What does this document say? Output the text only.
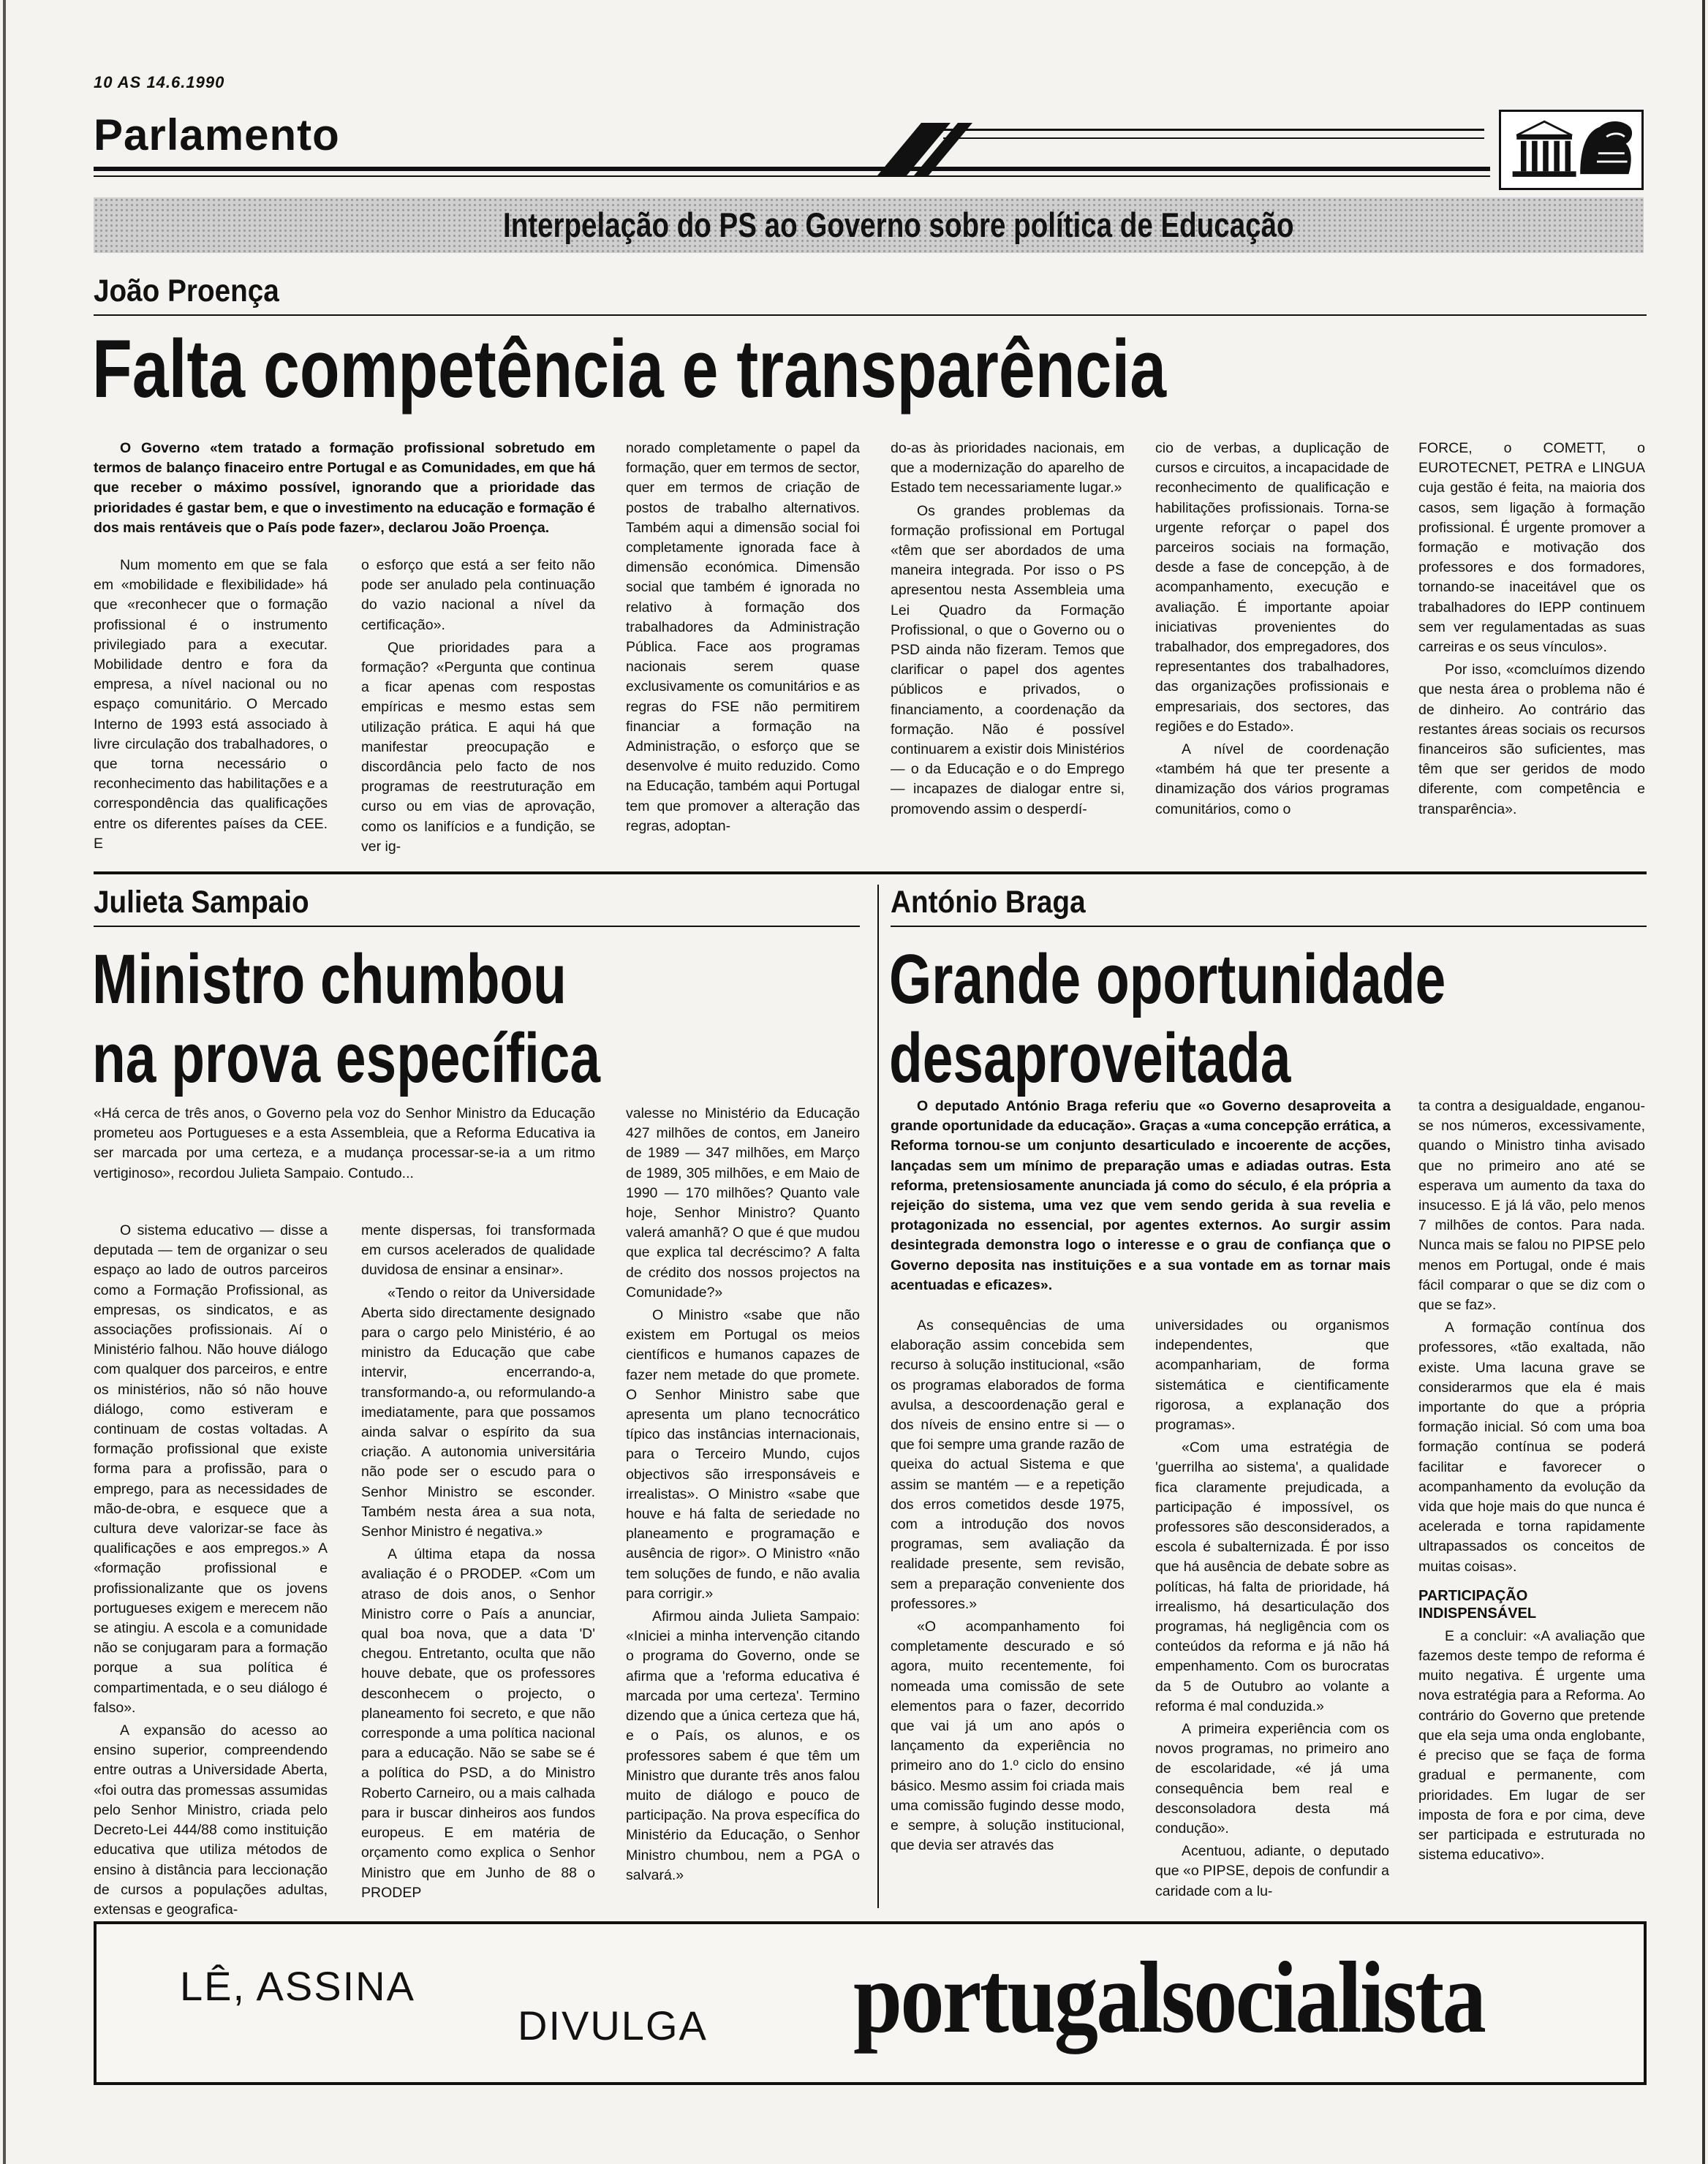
10 AS 14.6.1990
Parlamento
Interpelação do PS ao Governo sobre política de Educação
João Proença
Falta competência e transparência
O Governo «tem tratado a formação profissional sobretudo em termos de balanço finaceiro entre Portugal e as Comunidades, em que há que receber o máximo possível, ignorando que a prioridade das prioridades é gastar bem, e que o investimento na educação e formação é dos mais rentáveis que o País pode fazer», declarou João Proença.

Num momento em que se fala em «mobilidade e flexibilidade» há que «reconhecer que o formação profissional é o instrumento privilegiado para a executar. Mobilidade dentro e fora da empresa, a nível nacional ou no espaço comunitário. O Mercado Interno de 1993 está associado à livre circulação dos trabalhadores, o que torna necessário o reconhecimento das habilitações e a correspondência das qualificações entre os diferentes países da CEE. E

o esforço que está a ser feito não pode ser anulado pela continuação do vazio nacional a nível da certificação».

Que prioridades para a formação? «Pergunta que continua a ficar apenas com respostas empíricas e mesmo estas sem utilização prática. E aqui há que manifestar preocupação e discordância pelo facto de nos programas de reestruturação em curso ou em vias de aprovação, como os lanifícios e a fundição, se ver ig-

norado completamente o papel da formação, quer em termos de sector, quer em termos de criação de postos de trabalho alternativos. Também aqui a dimensão social foi completamente ignorada face à dimensão económica. Dimensão social que também é ignorada no relativo à formação dos trabalhadores da Administração Pública. Face aos programas nacionais serem quase exclusivamente os comunitários e as regras do FSE não permitirem financiar a formação na Administração, o esforço que se desenvolve é muito reduzido. Como na Educação, também aqui Portugal tem que promover a alteração das regras, adoptan-

do-as às prioridades nacionais, em que a modernização do aparelho de Estado tem necessariamente lugar.»

Os grandes problemas da formação profissional em Portugal «têm que ser abordados de uma maneira integrada. Por isso o PS apresentou nesta Assembleia uma Lei Quadro da Formação Profissional, o que o Governo ou o PSD ainda não fizeram. Temos que clarificar o papel dos agentes públicos e privados, o financiamento, a coordenação da formação. Não é possível continuarem a existir dois Ministérios — o da Educação e o do Emprego — incapazes de dialogar entre si, promovendo assim o desperdí-

cio de verbas, a duplicação de cursos e circuitos, a incapacidade de reconhecimento de qualificação e habilitações profissionais. Torna-se urgente reforçar o papel dos parceiros sociais na formação, desde a fase de concepção, à de acompanhamento, execução e avaliação. É importante apoiar iniciativas provenientes do trabalhador, dos empregadores, dos representantes dos trabalhadores, das organizações profissionais e empresariais, dos sectores, das regiões e do Estado».

A nível de coordenação «também há que ter presente a dinamização dos vários programas comunitários, como o

FORCE, o COMETT, o EUROTECNET, PETRA e LINGUA cuja gestão é feita, na maioria dos casos, sem ligação à formação profissional. É urgente promover a formação e motivação dos professores e dos formadores, tornando-se inaceitável que os trabalhadores do IEPP continuem sem ver regulamentadas as suas carreiras e os seus vínculos».

Por isso, «comcluímos dizendo que nesta área o problema não é de dinheiro. Ao contrário das restantes áreas sociais os recursos financeiros são suficientes, mas têm que ser geridos de modo diferente, com competência e transparência».

Julieta Sampaio
Ministro chumbou
na prova específica

«Há cerca de três anos, o Governo pela voz do Senhor Ministro da Educação prometeu aos Portugueses e a esta Assembleia, que a Reforma Educativa ia ser marcada por uma certeza, e a mudança processar-se-ia a um ritmo vertiginoso», recordou Julieta Sampaio. Contudo...

O sistema educativo — disse a deputada — tem de organizar o seu espaço ao lado de outros parceiros como a Formação Profissional, as empresas, os sindicatos, e as associações profissionais. Aí o Ministério falhou. Não houve diálogo com qualquer dos parceiros, e entre os ministérios, não só não houve diálogo, como estiveram e continuam de costas voltadas. A formação profissional que existe forma para a profissão, para o emprego, para as necessidades de mão-de-obra, e esquece que a cultura deve valorizar-se face às qualificações e aos empregos.» A «formação profissional e profissionalizante que os jovens portugueses exigem e merecem não se atingiu. A escola e a comunidade não se conjugaram para a formação porque a sua política é compartimentada, e o seu diálogo é falso».

A expansão do acesso ao ensino superior, compreendendo entre outras a Universidade Aberta, «foi outra das promessas assumidas pelo Senhor Ministro, criada pelo Decreto-Lei 444/88 como instituição educativa que utiliza métodos de ensino à distância para leccionação de cursos a populações adultas, extensas e geografica-

mente dispersas, foi transformada em cursos acelerados de qualidade duvidosa de ensinar a ensinar».

«Tendo o reitor da Universidade Aberta sido directamente designado para o cargo pelo Ministério, é ao ministro da Educação que cabe intervir, encerrando-a, transformando-a, ou reformulando-a imediatamente, para que possamos ainda salvar o espírito da sua criação. A autonomia universitária não pode ser o escudo para o Senhor Ministro se esconder. Também nesta área a sua nota, Senhor Ministro é negativa.»

A última etapa da nossa avaliação é o PRODEP. «Com um atraso de dois anos, o Senhor Ministro corre o País a anunciar, qual boa nova, que a data 'D' chegou. Entretanto, oculta que não houve debate, que os professores desconhecem o projecto, o planeamento foi secreto, e que não corresponde a uma política nacional para a educação. Não se sabe se é a política do PSD, a do Ministro Roberto Carneiro, ou a mais calhada para ir buscar dinheiros aos fundos europeus. E em matéria de orçamento como explica o Senhor Ministro que em Junho de 88 o PRODEP

valesse no Ministério da Educação 427 milhões de contos, em Janeiro de 1989 — 347 milhões, em Março de 1989, 305 milhões, e em Maio de 1990 — 170 milhões? Quanto vale hoje, Senhor Ministro? Quanto valerá amanhã? O que é que mudou que explica tal decréscimo? A falta de crédito dos nossos projectos na Comunidade?»

O Ministro «sabe que não existem em Portugal os meios científicos e humanos capazes de fazer nem metade do que promete. O Senhor Ministro sabe que apresenta um plano tecnocrático típico das instâncias internacionais, para o Terceiro Mundo, cujos objectivos são irresponsáveis e irrealistas». O Ministro «sabe que houve e há falta de seriedade no planeamento e programação e ausência de rigor». O Ministro «não tem soluções de fundo, e não avalia para corrigir.»

Afirmou ainda Julieta Sampaio: «Iniciei a minha intervenção citando o programa do Governo, onde se afirma que a 'reforma educativa é marcada por uma certeza'. Termino dizendo que a única certeza que há, e o País, os alunos, e os professores sabem é que têm um Ministro que durante três anos falou muito de diálogo e pouco de participação. Na prova específica do Ministério da Educação, o Senhor Ministro chumbou, nem a PGA o salvará.»

António Braga
Grande oportunidade
desaproveitada
O deputado António Braga referiu que «o Governo desaproveita a grande oportunidade da educação». Graças a «uma concepção errática, a Reforma tornou-se um conjunto desarticulado e incoerente de acções, lançadas sem um mínimo de preparação umas e adiadas outras. Esta reforma, pretensiosamente anunciada já como do século, é ela própria a rejeição do sistema, uma vez que vem sendo gerida à sua revelia e protagonizada no essencial, por agentes externos. Ao surgir assim desintegrada demonstra logo o interesse e o grau de confiança que o Governo deposita nas instituições e a sua vontade em as tornar mais acentuadas e eficazes».

As consequências de uma elaboração assim concebida sem recurso à solução institucional, «são os programas elaborados de forma avulsa, a descoordenação geral e dos níveis de ensino entre si — o que foi sempre uma grande razão de queixa do actual Sistema e que assim se mantém — e a repetição dos erros cometidos desde 1975, com a introdução dos novos programas, sem avaliação da realidade presente, sem revisão, sem a preparação conveniente dos professores.»

«O acompanhamento foi completamente descurado e só agora, muito recentemente, foi nomeada uma comissão de sete elementos para o fazer, decorrido que vai já um ano após o lançamento da experiência no primeiro ano do 1.º ciclo do ensino básico. Mesmo assim foi criada mais uma comissão fugindo desse modo, e sempre, à solução institucional, que devia ser através das

universidades ou organismos independentes, que acompanhariam, de forma sistemática e cientificamente rigorosa, a explanação dos programas».

«Com uma estratégia de 'guerrilha ao sistema', a qualidade fica claramente prejudicada, a participação é impossível, os professores são desconsiderados, a escola é subalternizada. É por isso que há ausência de debate sobre as políticas, há falta de prioridade, há irrealismo, há desarticulação dos programas, há negligência com os conteúdos da reforma e já não há empenhamento. Com os burocratas da 5 de Outubro ao volante a reforma é mal conduzida.»

A primeira experiência com os novos programas, no primeiro ano de escolaridade, «é já uma consequência bem real e desconsoladora desta má condução».

Acentuou, adiante, o deputado que «o PIPSE, depois de confundir a caridade com a lu-

ta contra a desigualdade, enganou-se nos números, excessivamente, quando o Ministro tinha avisado que no primeiro ano até se esperava um aumento da taxa do insucesso. E já lá vão, pelo menos 7 milhões de contos. Para nada. Nunca mais se falou no PIPSE pelo menos em Portugal, onde é mais fácil comparar o que se diz com o que se faz».

A formação contínua dos professores, «tão exaltada, não existe. Uma lacuna grave se considerarmos que ela é mais importante do que a própria formação inicial. Só com uma boa formação contínua se poderá facilitar e favorecer o acompanhamento da evolução da vida que hoje mais do que nunca é acelerada e torna rapidamente ultrapassados os conceitos de muitas coisas».

PARTICIPAÇÃO INDISPENSÁVEL

E a concluir: «A avaliação que fazemos deste tempo de reforma é muito negativa. É urgente uma nova estratégia para a Reforma. Ao contrário do Governo que pretende que ela seja uma onda englobante, é preciso que se faça de forma gradual e permanente, com prioridades. Em lugar de ser imposta de fora e por cima, deve ser participada e estruturada no sistema educativo».

LÊ, ASSINA
DIVULGA portugalsocialista
